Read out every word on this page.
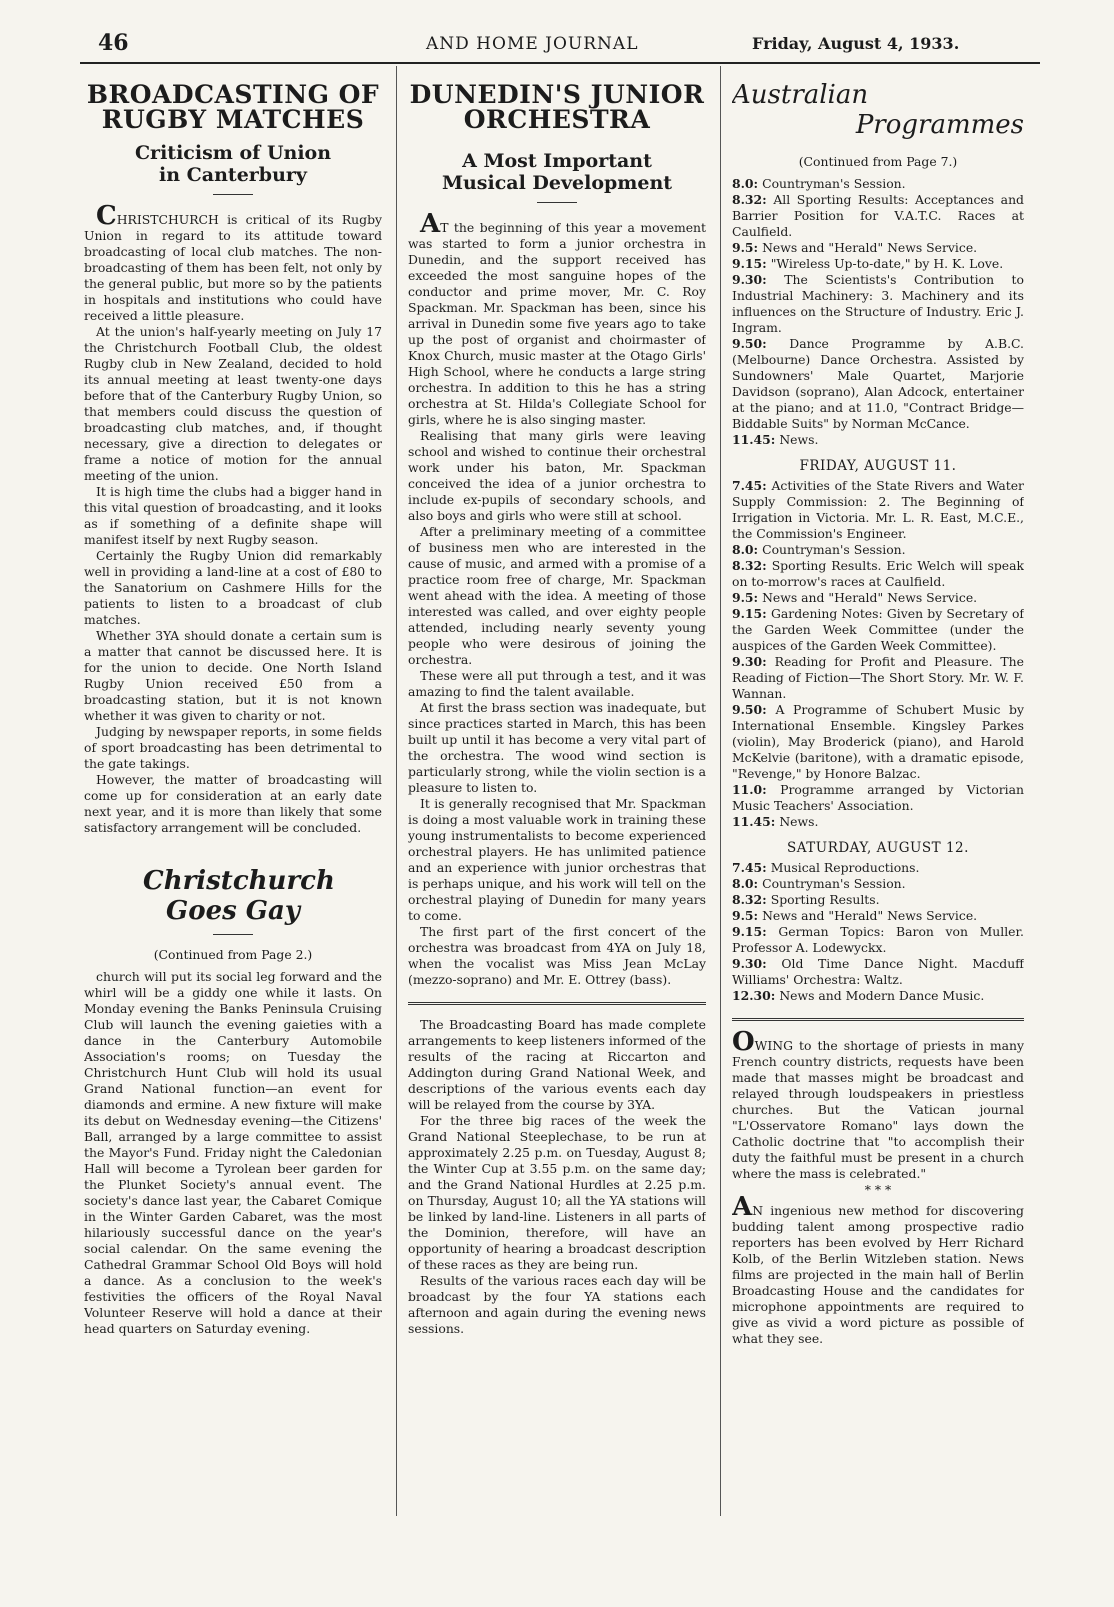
46	AND HOME JOURNAL	Friday, August 4, 1933.
BROADCASTING OF RUGBY MATCHES
Criticism of Union in Canterbury

CHRISTCHURCH is critical of its Rugby Union in regard to its attitude toward broadcasting of local club matches. The non-broadcasting of them has been felt, not only by the general public, but more so by the patients in hospitals and institutions who could have received a little pleasure.

At the union's half-yearly meeting on July 17 the Christchurch Football Club, the oldest Rugby club in New Zealand, decided to hold its annual meeting at least twenty-one days before that of the Canterbury Rugby Union, so that members could discuss the question of broadcasting club matches, and, if thought necessary, give a direction to delegates or frame a notice of motion for the annual meeting of the union.

It is high time the clubs had a bigger hand in this vital question of broadcasting, and it looks as if something of a definite shape will manifest itself by next Rugby season.

Certainly the Rugby Union did remarkably well in providing a land-line at a cost of £80 to the Sanatorium on Cashmere Hills for the patients to listen to a broadcast of club matches.

Whether 3YA should donate a certain sum is a matter that cannot be discussed here. It is for the union to decide. One North Island Rugby Union received £50 from a broadcasting station, but it is not known whether it was given to charity or not.

Judging by newspaper reports, in some fields of sport broadcasting has been detrimental to the gate takings.

However, the matter of broadcasting will come up for consideration at an early date next year, and it is more than likely that some satisfactory arrangement will be concluded.

Christchurch Goes Gay
(Continued from Page 2.)

church will put its social leg forward and the whirl will be a giddy one while it lasts. On Monday evening the Banks Peninsula Cruising Club will launch the evening gaieties with a dance in the Canterbury Automobile Association's rooms; on Tuesday the Christchurch Hunt Club will hold its usual Grand National function—an event for diamonds and ermine. A new fixture will make its debut on Wednesday evening—the Citizens' Ball, arranged by a large committee to assist the Mayor's Fund. Friday night the Caledonian Hall will become a Tyrolean beer garden for the Plunket Society's annual event. The society's dance last year, the Cabaret Comique in the Winter Garden Cabaret, was the most hilariously successful dance on the year's social calendar. On the same evening the Cathedral Grammar School Old Boys will hold a dance. As a conclusion to the week's festivities the officers of the Royal Naval Volunteer Reserve will hold a dance at their head quarters on Saturday evening.

DUNEDIN'S JUNIOR ORCHESTRA
A Most Important Musical Development

AT the beginning of this year a movement was started to form a junior orchestra in Dunedin, and the support received has exceeded the most sanguine hopes of the conductor and prime mover, Mr. C. Roy Spackman. Mr. Spackman has been, since his arrival in Dunedin some five years ago to take up the post of organist and choirmaster of Knox Church, music master at the Otago Girls' High School, where he conducts a large string orchestra. In addition to this he has a string orchestra at St. Hilda's Collegiate School for girls, where he is also singing master.

Realising that many girls were leaving school and wished to continue their orchestral work under his baton, Mr. Spackman conceived the idea of a junior orchestra to include ex-pupils of secondary schools, and also boys and girls who were still at school.

After a preliminary meeting of a committee of business men who are interested in the cause of music, and armed with a promise of a practice room free of charge, Mr. Spackman went ahead with the idea. A meeting of those interested was called, and over eighty people attended, including nearly seventy young people who were desirous of joining the orchestra.

These were all put through a test, and it was amazing to find the talent available.

At first the brass section was inadequate, but since practices started in March, this has been built up until it has become a very vital part of the orchestra. The wood wind section is particularly strong, while the violin section is a pleasure to listen to.

It is generally recognised that Mr. Spackman is doing a most valuable work in training these young instrumentalists to become experienced orchestral players. He has unlimited patience and an experience with junior orchestras that is perhaps unique, and his work will tell on the orchestral playing of Dunedin for many years to come.

The first part of the first concert of the orchestra was broadcast from 4YA on July 18, when the vocalist was Miss Jean McLay (mezzo-soprano) and Mr. E. Ottrey (bass).

The Broadcasting Board has made complete arrangements to keep listeners informed of the results of the racing at Riccarton and Addington during Grand National Week, and descriptions of the various events each day will be relayed from the course by 3YA.

For the three big races of the week the Grand National Steeplechase, to be run at approximately 2.25 p.m. on Tuesday, August 8; the Winter Cup at 3.55 p.m. on the same day; and the Grand National Hurdles at 2.25 p.m. on Thursday, August 10; all the YA stations will be linked by land-line. Listeners in all parts of the Dominion, therefore, will have an opportunity of hearing a broadcast description of these races as they are being run.

Results of the various races each day will be broadcast by the four YA stations each afternoon and again during the evening news sessions.

Australian
Programmes
(Continued from Page 7.)

8.0: Countryman's Session.

8.32: All Sporting Results: Acceptances and Barrier Position for V.A.T.C. Races at Caulfield.

9.5: News and "Herald" News Service.

9.15: "Wireless Up-to-date," by H. K. Love.

9.30: The Scientists's Contribution to Industrial Machinery: 3. Machinery and its influences on the Structure of Industry. Eric J. Ingram.

9.50: Dance Programme by A.B.C. (Melbourne) Dance Orchestra. Assisted by Sundowners' Male Quartet, Marjorie Davidson (soprano), Alan Adcock, entertainer at the piano; and at 11.0, "Contract Bridge—Biddable Suits" by Norman McCance.

11.45: News.

FRIDAY, AUGUST 11.

7.45: Activities of the State Rivers and Water Supply Commission: 2. The Beginning of Irrigation in Victoria. Mr. L. R. East, M.C.E., the Commission's Engineer.

8.0: Countryman's Session.

8.32: Sporting Results. Eric Welch will speak on to-morrow's races at Caulfield.

9.5: News and "Herald" News Service.

9.15: Gardening Notes: Given by Secretary of the Garden Week Committee (under the auspices of the Garden Week Committee).

9.30: Reading for Profit and Pleasure. The Reading of Fiction—The Short Story. Mr. W. F. Wannan.

9.50: A Programme of Schubert Music by International Ensemble. Kingsley Parkes (violin), May Broderick (piano), and Harold McKelvie (baritone), with a dramatic episode, "Revenge," by Honore Balzac.

11.0: Programme arranged by Victorian Music Teachers' Association.

11.45: News.

SATURDAY, AUGUST 12.

7.45: Musical Reproductions.

8.0: Countryman's Session.

8.32: Sporting Results.

9.5: News and "Herald" News Service.

9.15: German Topics: Baron von Muller. Professor A. Lodewyckx.

9.30: Old Time Dance Night. Macduff Williams' Orchestra: Waltz.

12.30: News and Modern Dance Music.

OWING to the shortage of priests in many French country districts, requests have been made that masses might be broadcast and relayed through loudspeakers in priestless churches. But the Vatican journal "L'Osservatore Romano" lays down the Catholic doctrine that "to accomplish their duty the faithful must be present in a church where the mass is celebrated."

* * *

AN ingenious new method for discovering budding talent among prospective radio reporters has been evolved by Herr Richard Kolb, of the Berlin Witzleben station. News films are projected in the main hall of Berlin Broadcasting House and the candidates for microphone appointments are required to give as vivid a word picture as possible of what they see.
